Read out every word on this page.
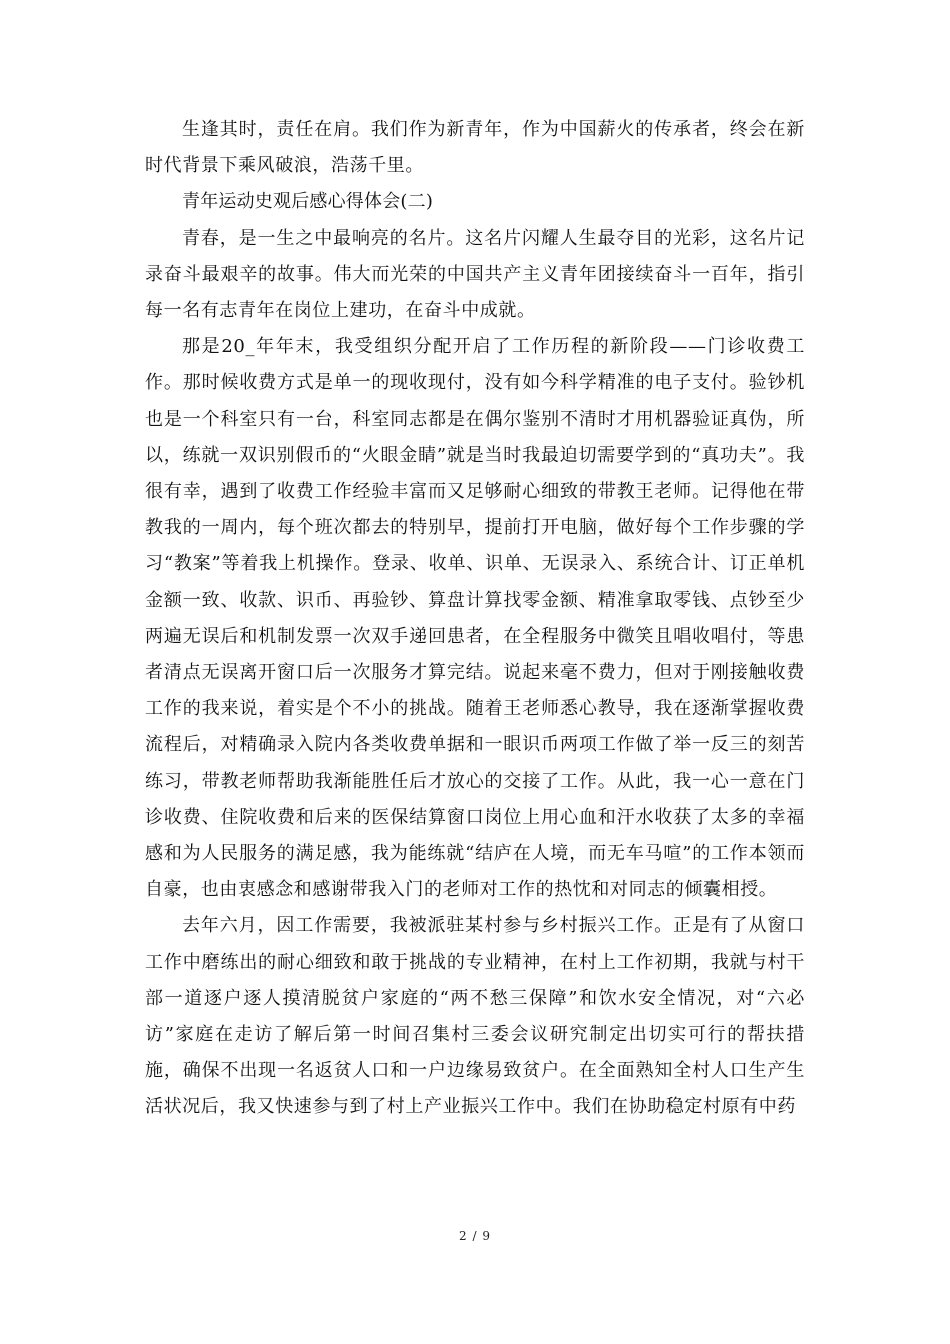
生逢其时，责任在肩。我们作为新青年，作为中国薪火的传承者，终会在新时代背景下乘风破浪，浩荡千里。

青年运动史观后感心得体会(二)

青春，是一生之中最响亮的名片。这名片闪耀人生最夺目的光彩，这名片记录奋斗最艰辛的故事。伟大而光荣的中国共产主义青年团接续奋斗一百年，指引每一名有志青年在岗位上建功，在奋斗中成就。

那是20_年年末，我受组织分配开启了工作历程的新阶段——门诊收费工作。那时候收费方式是单一的现收现付，没有如今科学精准的电子支付。验钞机也是一个科室只有一台，科室同志都是在偶尔鉴别不清时才用机器验证真伪，所以，练就一双识别假币的“火眼金睛”就是当时我最迫切需要学到的“真功夫”。我很有幸，遇到了收费工作经验丰富而又足够耐心细致的带教王老师。记得他在带教我的一周内，每个班次都去的特别早，提前打开电脑，做好每个工作步骤的学习“教案”等着我上机操作。登录、收单、识单、无误录入、系统合计、订正单机金额一致、收款、识币、再验钞、算盘计算找零金额、精准拿取零钱、点钞至少两遍无误后和机制发票一次双手递回患者，在全程服务中微笑且唱收唱付，等患者清点无误离开窗口后一次服务才算完结。说起来毫不费力，但对于刚接触收费工作的我来说，着实是个不小的挑战。随着王老师悉心教导，我在逐渐掌握收费流程后，对精确录入院内各类收费单据和一眼识币两项工作做了举一反三的刻苦练习，带教老师帮助我渐能胜任后才放心的交接了工作。从此，我一心一意在门诊收费、住院收费和后来的医保结算窗口岗位上用心血和汗水收获了太多的幸福感和为人民服务的满足感，我为能练就“结庐在人境，而无车马喧”的工作本领而自豪，也由衷感念和感谢带我入门的老师对工作的热忱和对同志的倾囊相授。

去年六月，因工作需要，我被派驻某村参与乡村振兴工作。正是有了从窗口工作中磨练出的耐心细致和敢于挑战的专业精神，在村上工作初期，我就与村干部一道逐户逐人摸清脱贫户家庭的“两不愁三保障”和饮水安全情况，对“六必访”家庭在走访了解后第一时间召集村三委会议研究制定出切实可行的帮扶措施，确保不出现一名返贫人口和一户边缘易致贫户。在全面熟知全村人口生产生活状况后，我又快速参与到了村上产业振兴工作中。我们在协助稳定村原有中药

2 / 9
